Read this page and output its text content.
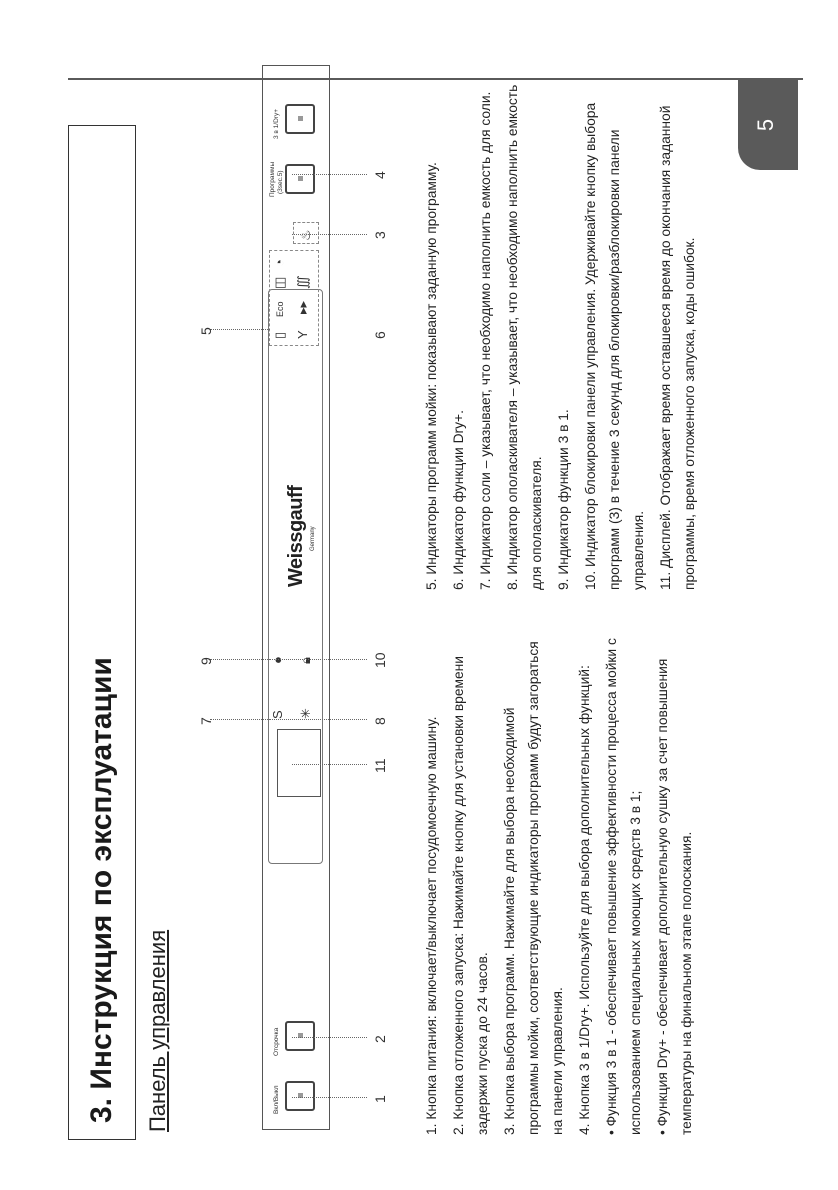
3. Инструкция по эксплуатации	Панель управления	Вкл/Выкл
Отсрочка
S ✳
● 🔒︎
Weissgauff Germany
▯ Y
Eco ▸▸
◫ ∭
◔
♨
Программы (3sec.5)
3 в 1/Dry+
1
2
11
8
10
7
9
5
6
3
4

1. Кнопка питания: включает/выключает посудомоечную машину. 2. Кнопка отложенного запуска: Нажимайте кнопку для установки времени задержки пуска до 24 часов. 3. Кнопка выбора программ. Нажимайте для выбора необходимой программы мойки, соответствующие индикаторы программ будут загораться на панели управления. 4. Кнопка 3 в 1/Dry+. Используйте для выбора дополнительных функций: • Функция 3 в 1 - обеспечивает повышение эффективности процесса мойки с использованием специальных моющих средств 3 в 1; • Функция Dry+ - обеспечивает дополнительную сушку за счет повышения температуры на финальном этапе полоскания.

5. Индикаторы программ мойки: показывают заданную программу. 6. Индикатор функции Dry+. 7. Индикатор соли – указывает, что необходимо наполнить емкость для соли. 8. Индикатор ополаскивателя – указывает, что необходимо наполнить емкость для ополаскивателя. 9. Индикатор функции 3 в 1. 10. Индикатор блокировки панели управления. Удерживайте кнопку выбора программ (3) в течение 3 секунд для блокировки/разблокировки панели управления. 11. Дисплей. Отображает время оставшееся время до окончания заданной программы, время отложенного запуска, коды ошибок.

5
